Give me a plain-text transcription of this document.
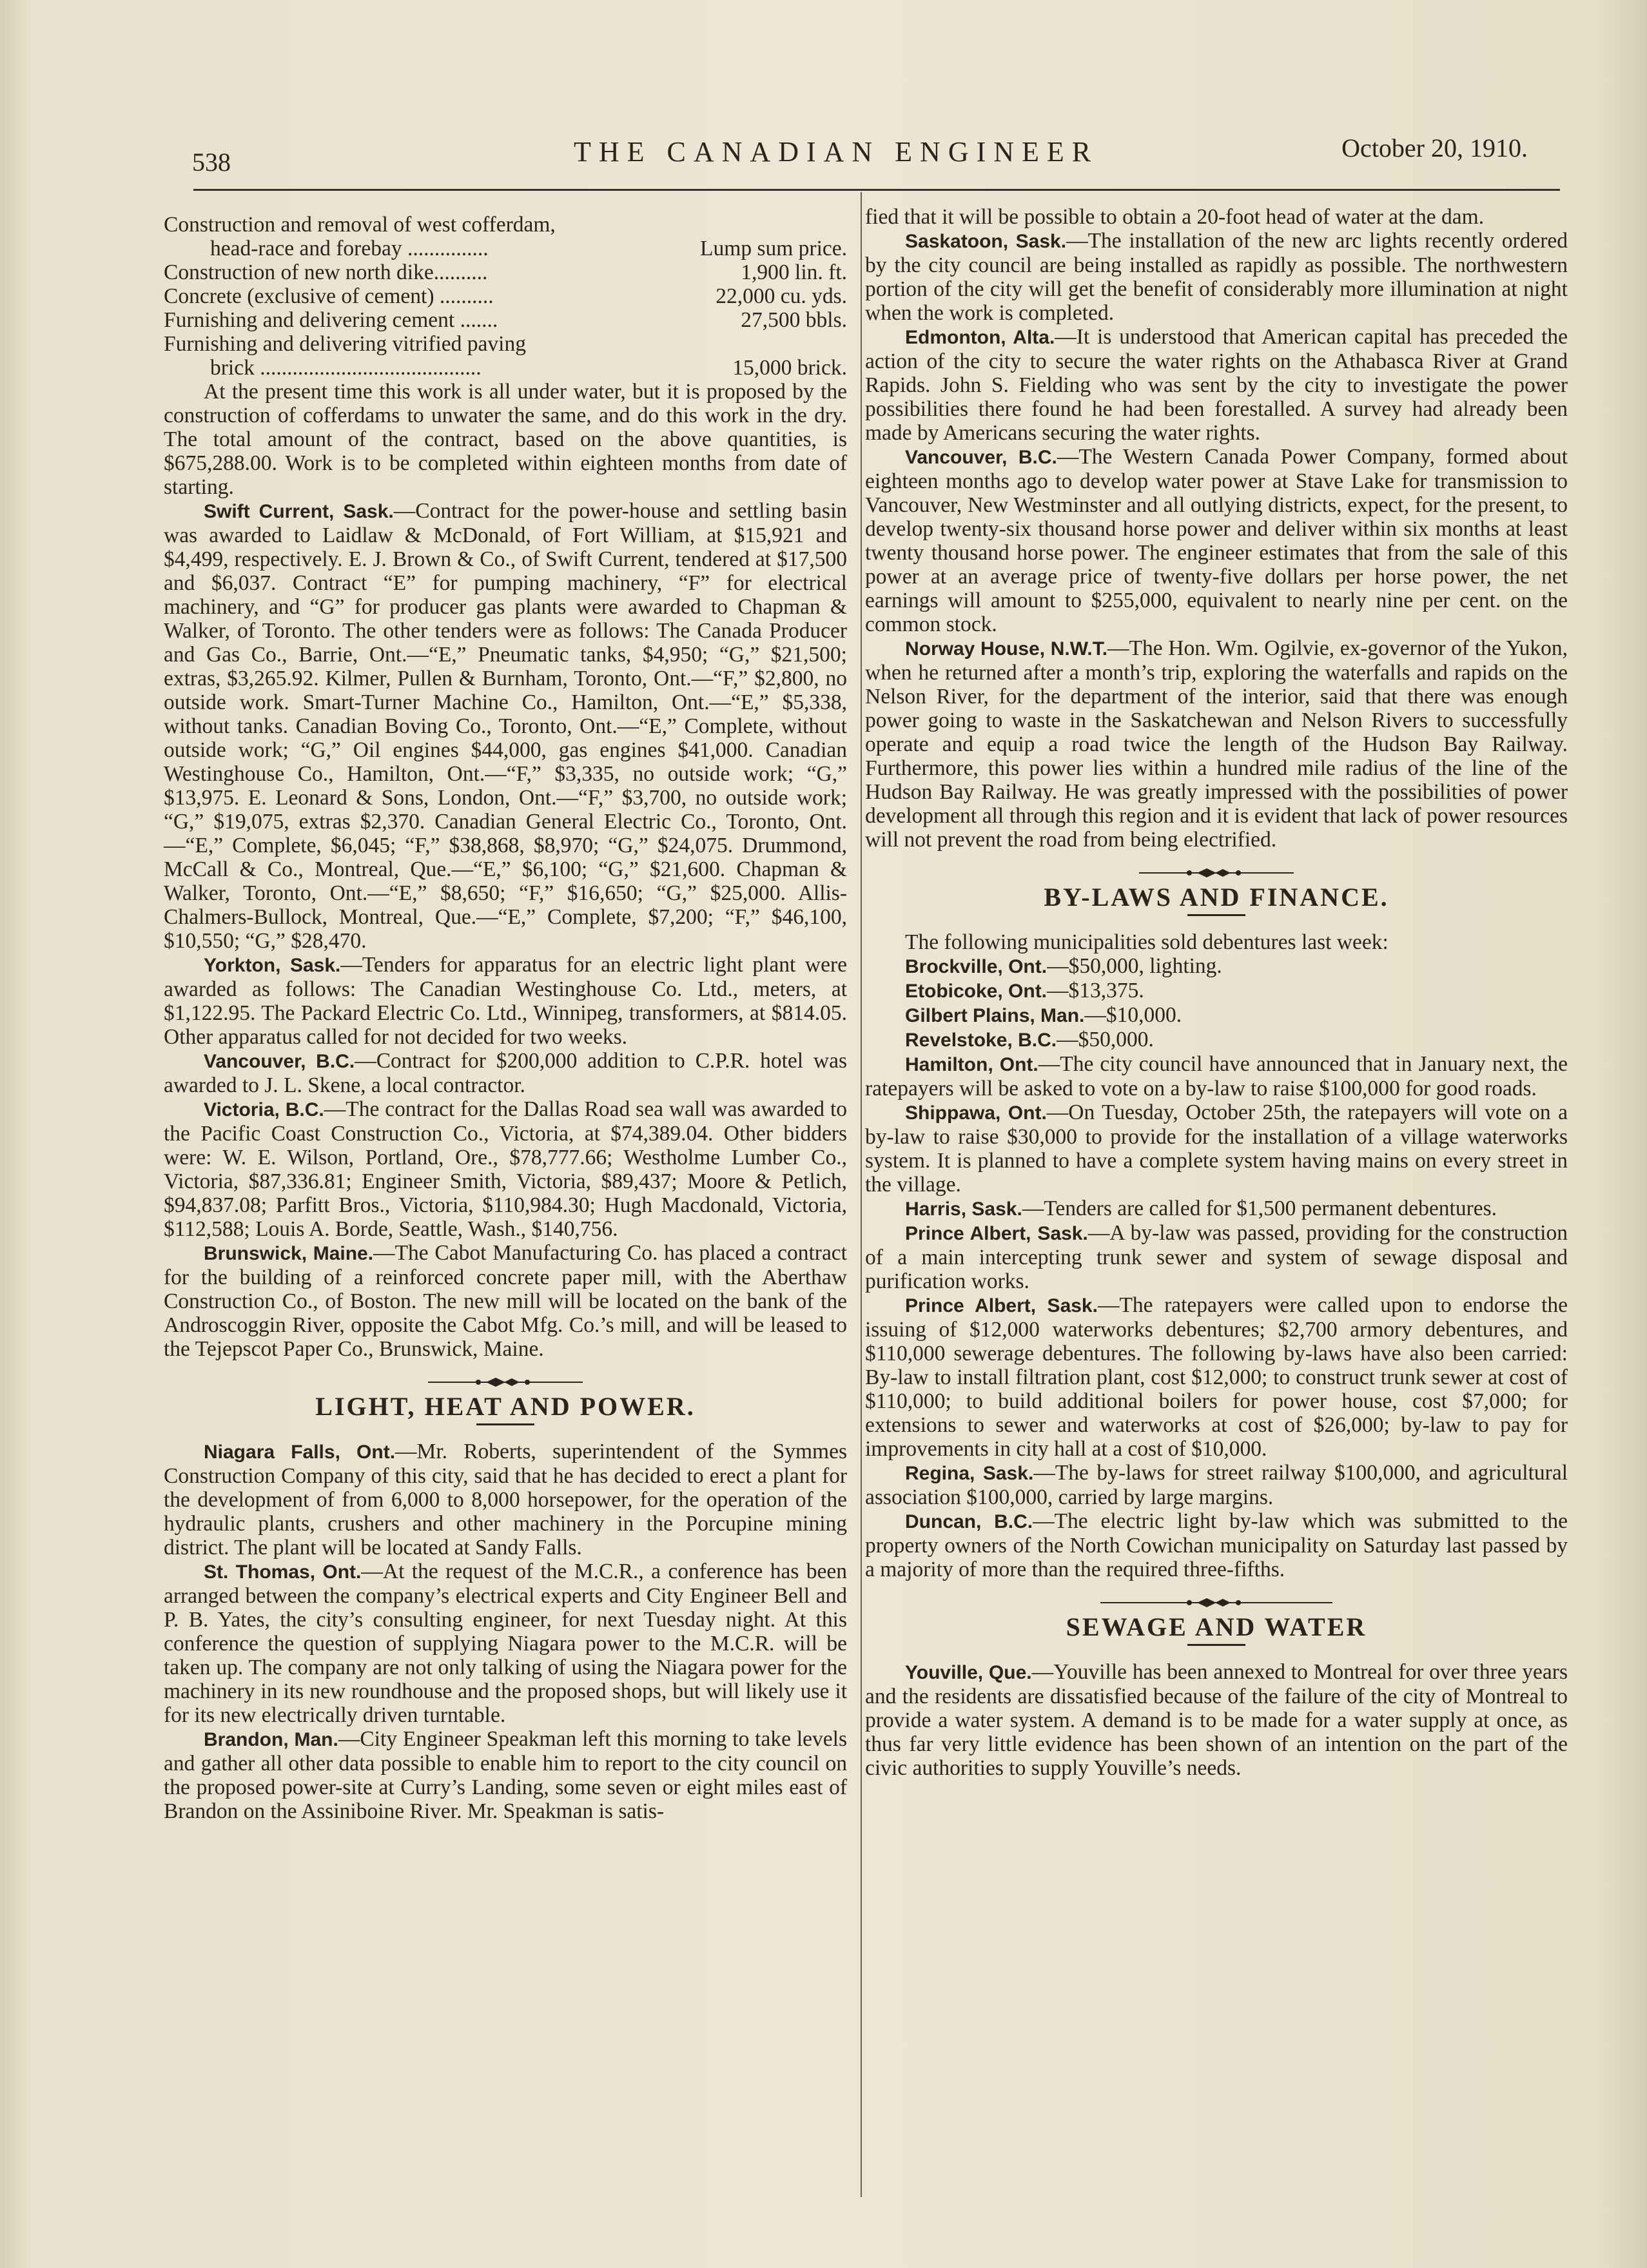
538	THE CANADIAN ENGINEER	October 20, 1910.
Construction and removal of west cofferdam,
head-race and forebay ...............	Lump sum price.
Construction of new north dike..........	1,900 lin. ft.
Concrete (exclusive of cement) ..........	22,000 cu. yds.
Furnishing and delivering cement .......	27,500 bbls.
Furnishing and delivering vitrified paving
brick .........................................	15,000 brick.

At the present time this work is all under water, but it is proposed by the construction of cofferdams to unwater the same, and do this work in the dry. The total amount of the contract, based on the above quantities, is $675,288.00. Work is to be completed within eighteen months from date of starting.

Swift Current, Sask.—Contract for the power-house and settling basin was awarded to Laidlaw & McDonald, of Fort William, at $15,921 and $4,499, respectively. E. J. Brown & Co., of Swift Current, tendered at $17,500 and $6,037. Contract “E” for pumping machinery, “F” for electrical machinery, and “G” for producer gas plants were awarded to Chapman & Walker, of Toronto. The other tenders were as follows: The Canada Producer and Gas Co., Barrie, Ont.—“E,” Pneumatic tanks, $4,950; “G,” $21,500; extras, $3,265.92. Kilmer, Pullen & Burnham, Toronto, Ont.—“F,” $2,800, no outside work. Smart-Turner Machine Co., Hamilton, Ont.—“E,” $5,338, without tanks. Canadian Boving Co., Toronto, Ont.—“E,” Complete, without outside work; “G,” Oil engines $44,000, gas engines $41,000. Canadian Westinghouse Co., Hamilton, Ont.—“F,” $3,335, no outside work; “G,” $13,975. E. Leonard & Sons, London, Ont.—“F,” $3,700, no outside work; “G,” $19,075, extras $2,370. Canadian General Electric Co., Toronto, Ont.—“E,” Complete, $6,045; “F,” $38,868, $8,970; “G,” $24,075. Drummond, McCall & Co., Montreal, Que.—“E,” $6,100; “G,” $21,600. Chapman & Walker, Toronto, Ont.—“E,” $8,650; “F,” $16,650; “G,” $25,000. Allis-Chalmers-Bullock, Montreal, Que.—“E,” Complete, $7,200; “F,” $46,100, $10,550; “G,” $28,470.

Yorkton, Sask.—Tenders for apparatus for an electric light plant were awarded as follows: The Canadian Westinghouse Co. Ltd., meters, at $1,122.95. The Packard Electric Co. Ltd., Winnipeg, transformers, at $814.05. Other apparatus called for not decided for two weeks.

Vancouver, B.C.—Contract for $200,000 addition to C.P.R. hotel was awarded to J. L. Skene, a local contractor.

Victoria, B.C.—The contract for the Dallas Road sea wall was awarded to the Pacific Coast Construction Co., Victoria, at $74,389.04. Other bidders were: W. E. Wilson, Portland, Ore., $78,777.66; Westholme Lumber Co., Victoria, $87,336.81; Engineer Smith, Victoria, $89,437; Moore & Petlich, $94,837.08; Parfitt Bros., Victoria, $110,984.30; Hugh Macdonald, Victoria, $112,588; Louis A. Borde, Seattle, Wash., $140,756.

Brunswick, Maine.—The Cabot Manufacturing Co. has placed a contract for the building of a reinforced concrete paper mill, with the Aberthaw Construction Co., of Boston. The new mill will be located on the bank of the Androscoggin River, opposite the Cabot Mfg. Co.’s mill, and will be leased to the Tejepscot Paper Co., Brunswick, Maine.

LIGHT, HEAT AND POWER.

Niagara Falls, Ont.—Mr. Roberts, superintendent of the Symmes Construction Company of this city, said that he has decided to erect a plant for the development of from 6,000 to 8,000 horsepower, for the operation of the hydraulic plants, crushers and other machinery in the Porcupine mining district. The plant will be located at Sandy Falls.

St. Thomas, Ont.—At the request of the M.C.R., a conference has been arranged between the company’s electrical experts and City Engineer Bell and P. B. Yates, the city’s consulting engineer, for next Tuesday night. At this conference the question of supplying Niagara power to the M.C.R. will be taken up. The company are not only talking of using the Niagara power for the machinery in its new roundhouse and the proposed shops, but will likely use it for its new electrically driven turntable.

Brandon, Man.—City Engineer Speakman left this morning to take levels and gather all other data possible to enable him to report to the city council on the proposed power-site at Curry’s Landing, some seven or eight miles east of Brandon on the Assiniboine River. Mr. Speakman is satis-

fied that it will be possible to obtain a 20-foot head of water at the dam.

Saskatoon, Sask.—The installation of the new arc lights recently ordered by the city council are being installed as rapidly as possible. The northwestern portion of the city will get the benefit of considerably more illumination at night when the work is completed.

Edmonton, Alta.—It is understood that American capital has preceded the action of the city to secure the water rights on the Athabasca River at Grand Rapids. John S. Fielding who was sent by the city to investigate the power possibilities there found he had been forestalled. A survey had already been made by Americans securing the water rights.

Vancouver, B.C.—The Western Canada Power Company, formed about eighteen months ago to develop water power at Stave Lake for transmission to Vancouver, New Westminster and all outlying districts, expect, for the present, to develop twenty-six thousand horse power and deliver within six months at least twenty thousand horse power. The engineer estimates that from the sale of this power at an average price of twenty-five dollars per horse power, the net earnings will amount to $255,000, equivalent to nearly nine per cent. on the common stock.

Norway House, N.W.T.—The Hon. Wm. Ogilvie, ex-governor of the Yukon, when he returned after a month’s trip, exploring the waterfalls and rapids on the Nelson River, for the department of the interior, said that there was enough power going to waste in the Saskatchewan and Nelson Rivers to successfully operate and equip a road twice the length of the Hudson Bay Railway. Furthermore, this power lies within a hundred mile radius of the line of the Hudson Bay Railway. He was greatly impressed with the possibilities of power development all through this region and it is evident that lack of power resources will not prevent the road from being electrified.

BY-LAWS AND FINANCE.

The following municipalities sold debentures last week:

Brockville, Ont.—$50,000, lighting.

Etobicoke, Ont.—$13,375.

Gilbert Plains, Man.—$10,000.

Revelstoke, B.C.—$50,000.

Hamilton, Ont.—The city council have announced that in January next, the ratepayers will be asked to vote on a by-law to raise $100,000 for good roads.

Shippawa, Ont.—On Tuesday, October 25th, the ratepayers will vote on a by-law to raise $30,000 to provide for the installation of a village waterworks system. It is planned to have a complete system having mains on every street in the village.

Harris, Sask.—Tenders are called for $1,500 permanent debentures.

Prince Albert, Sask.—A by-law was passed, providing for the construction of a main intercepting trunk sewer and system of sewage disposal and purification works.

Prince Albert, Sask.—The ratepayers were called upon to endorse the issuing of $12,000 waterworks debentures; $2,700 armory debentures, and $110,000 sewerage debentures. The following by-laws have also been carried: By-law to install filtration plant, cost $12,000; to construct trunk sewer at cost of $110,000; to build additional boilers for power house, cost $7,000; for extensions to sewer and waterworks at cost of $26,000; by-law to pay for improvements in city hall at a cost of $10,000.

Regina, Sask.—The by-laws for street railway $100,000, and agricultural association $100,000, carried by large margins.

Duncan, B.C.—The electric light by-law which was submitted to the property owners of the North Cowichan municipality on Saturday last passed by a majority of more than the required three-fifths.

SEWAGE AND WATER

Youville, Que.—Youville has been annexed to Montreal for over three years and the residents are dissatisfied because of the failure of the city of Montreal to provide a water system. A demand is to be made for a water supply at once, as thus far very little evidence has been shown of an intention on the part of the civic authorities to supply Youville’s needs.
